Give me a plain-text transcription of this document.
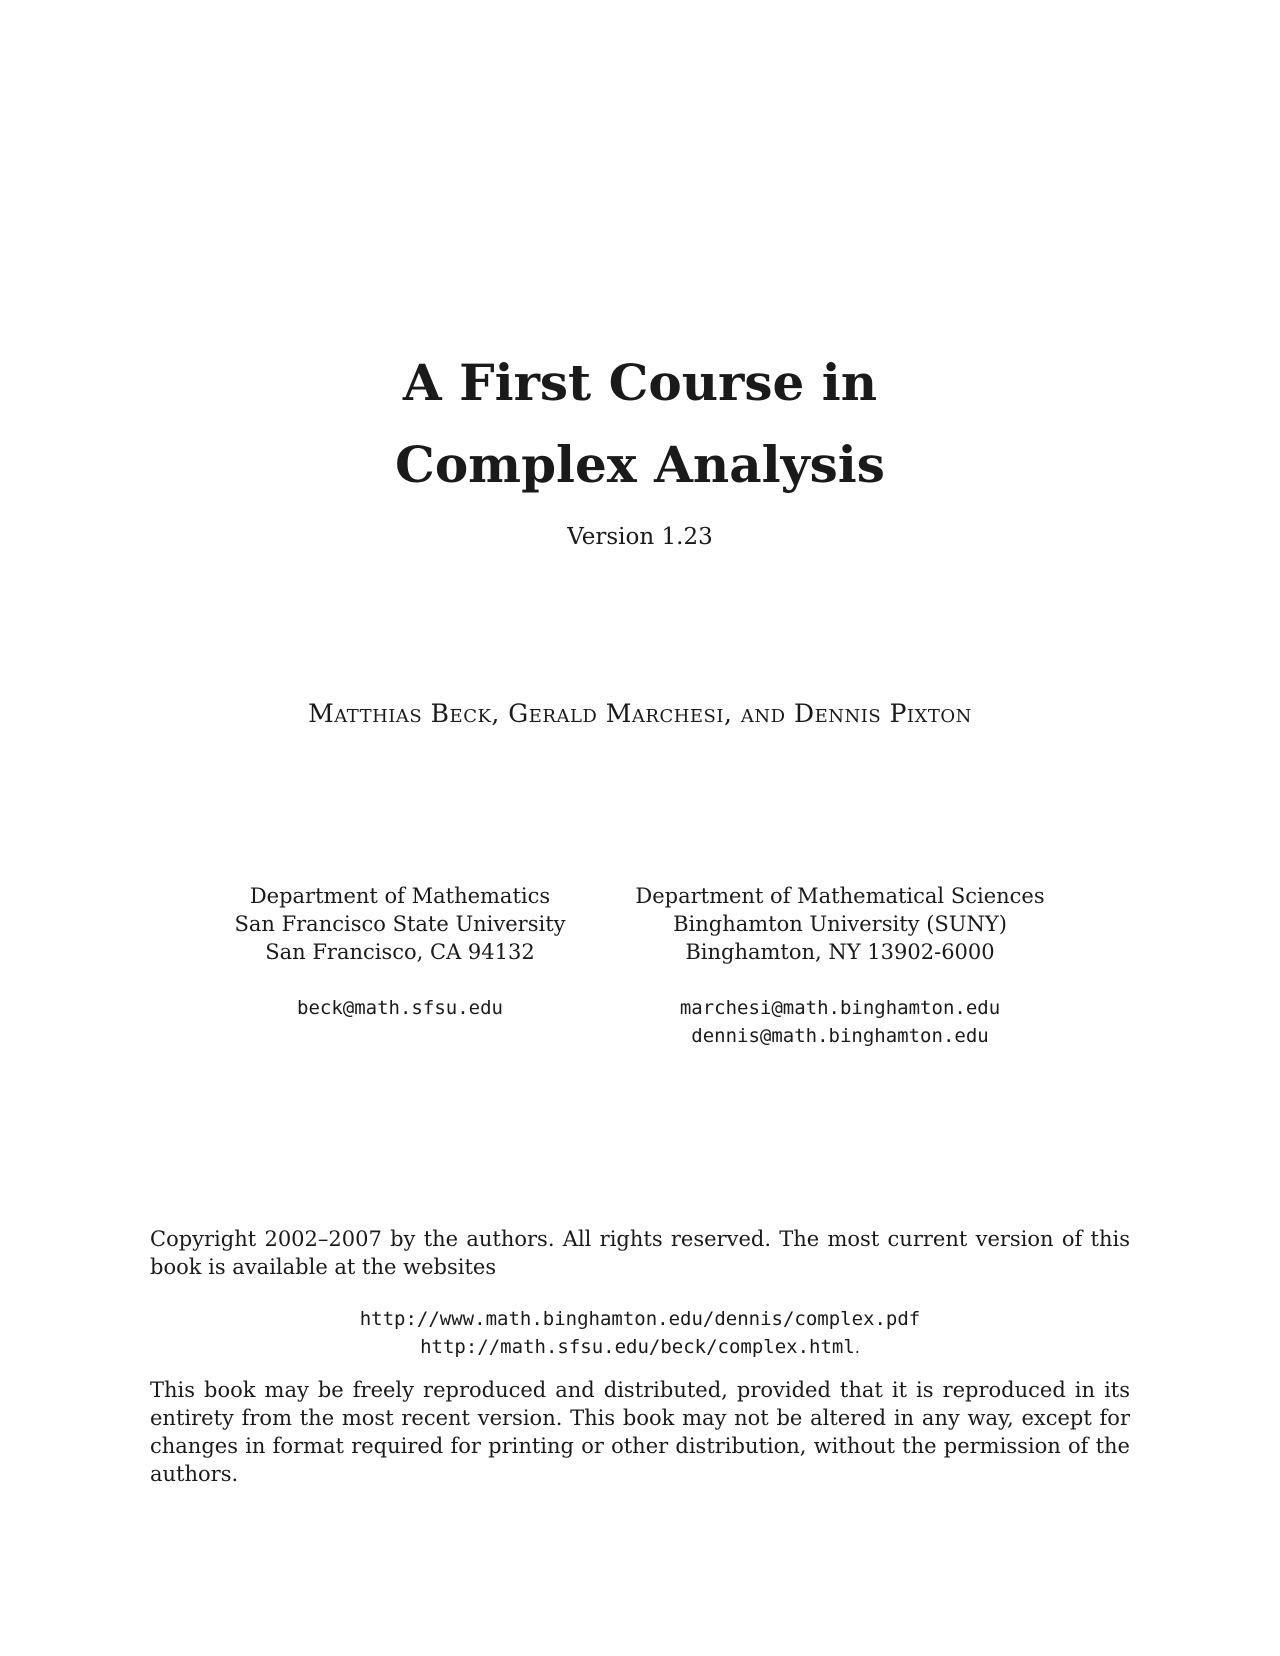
A First Course in
Complex Analysis
Version 1.23
Matthias Beck, Gerald Marchesi, and Dennis Pixton
Department of Mathematics
San Francisco State University
San Francisco, CA 94132
beck@math.sfsu.edu
Department of Mathematical Sciences
Binghamton University (SUNY)
Binghamton, NY 13902-6000
marchesi@math.binghamton.edu
dennis@math.binghamton.edu

Copyright 2002–2007 by the authors. All rights reserved. The most current version of this book is available at the websites

http://www.math.binghamton.edu/dennis/complex.pdf
http://math.sfsu.edu/beck/complex.html.

This book may be freely reproduced and distributed, provided that it is reproduced in its entirety from the most recent version. This book may not be altered in any way, except for changes in format required for printing or other distribution, without the permission of the authors.
